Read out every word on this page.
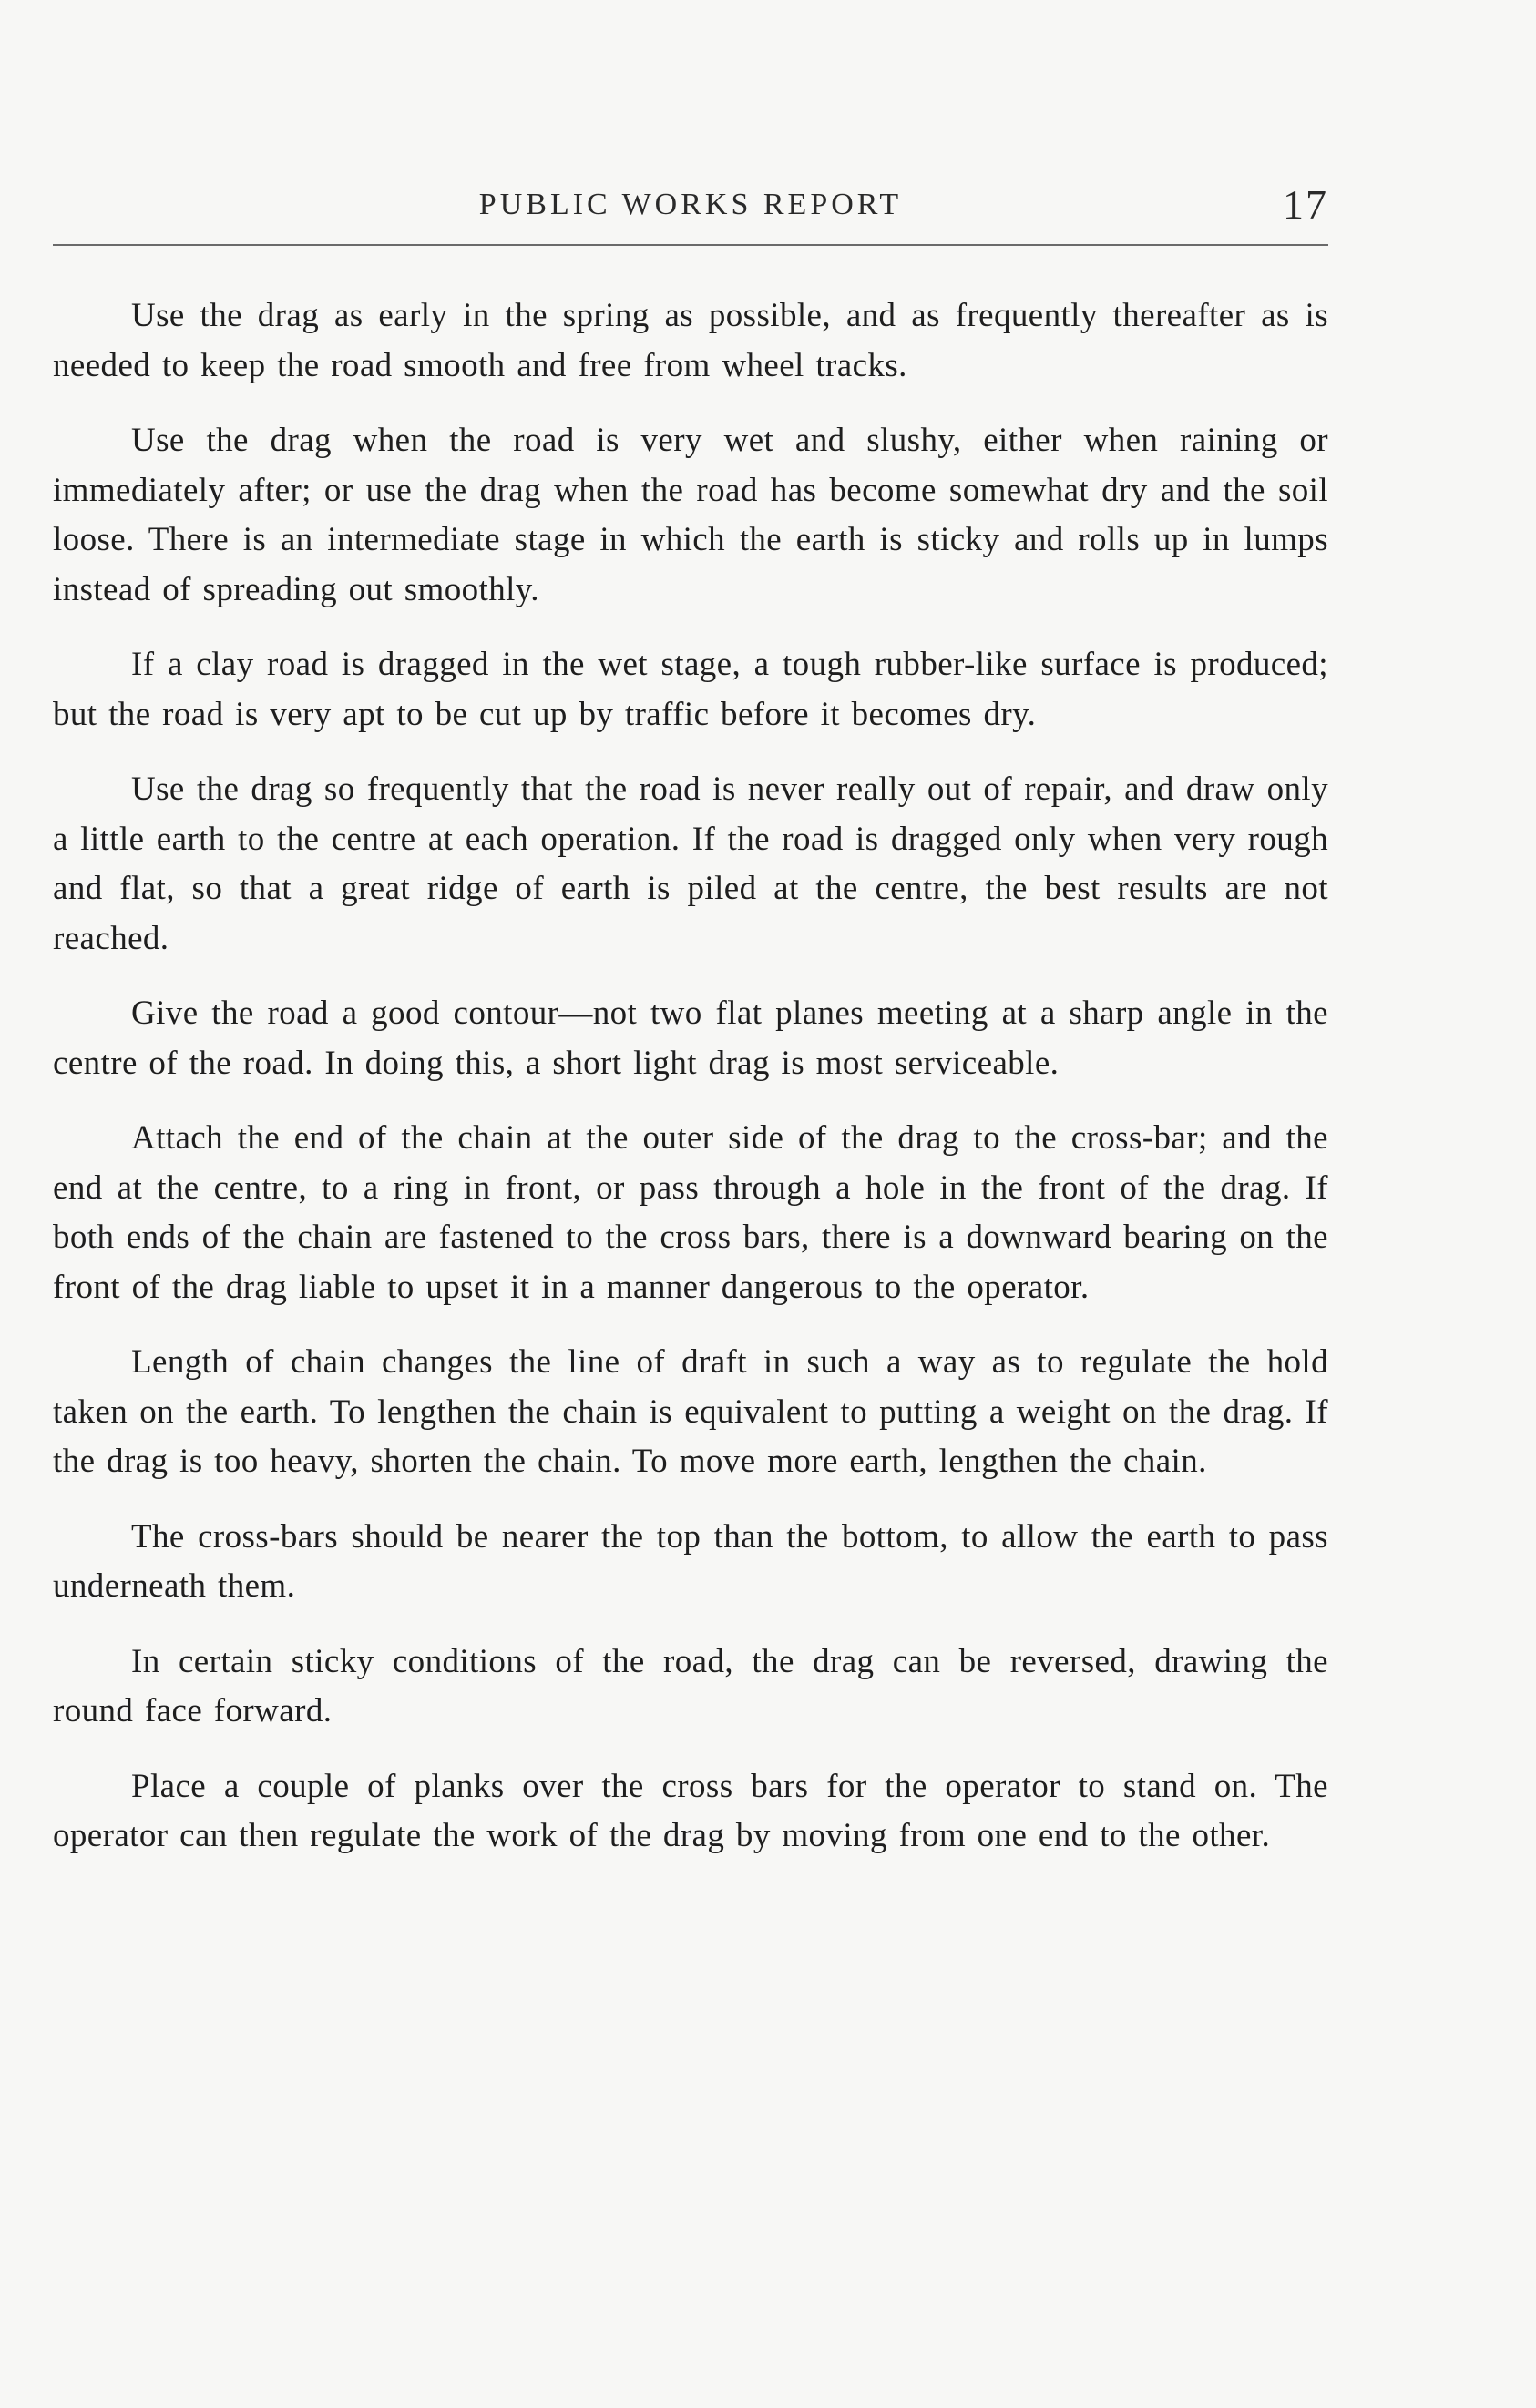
PUBLIC WORKS REPORT	17

Use the drag as early in the spring as possible, and as frequently thereafter as is needed to keep the road smooth and free from wheel tracks.

Use the drag when the road is very wet and slushy, either when raining or immediately after; or use the drag when the road has become somewhat dry and the soil loose. There is an intermediate stage in which the earth is sticky and rolls up in lumps instead of spreading out smoothly.

If a clay road is dragged in the wet stage, a tough rubber-like surface is produced; but the road is very apt to be cut up by traffic before it becomes dry.

Use the drag so frequently that the road is never really out of repair, and draw only a little earth to the centre at each operation. If the road is dragged only when very rough and flat, so that a great ridge of earth is piled at the centre, the best results are not reached.

Give the road a good contour—not two flat planes meeting at a sharp angle in the centre of the road. In doing this, a short light drag is most serviceable.

Attach the end of the chain at the outer side of the drag to the cross-bar; and the end at the centre, to a ring in front, or pass through a hole in the front of the drag. If both ends of the chain are fastened to the cross bars, there is a downward bearing on the front of the drag liable to upset it in a manner dangerous to the operator.

Length of chain changes the line of draft in such a way as to regulate the hold taken on the earth. To lengthen the chain is equivalent to putting a weight on the drag. If the drag is too heavy, shorten the chain. To move more earth, lengthen the chain.

The cross-bars should be nearer the top than the bottom, to allow the earth to pass underneath them.

In certain sticky conditions of the road, the drag can be reversed, drawing the round face forward.

Place a couple of planks over the cross bars for the operator to stand on. The operator can then regulate the work of the drag by moving from one end to the other.
